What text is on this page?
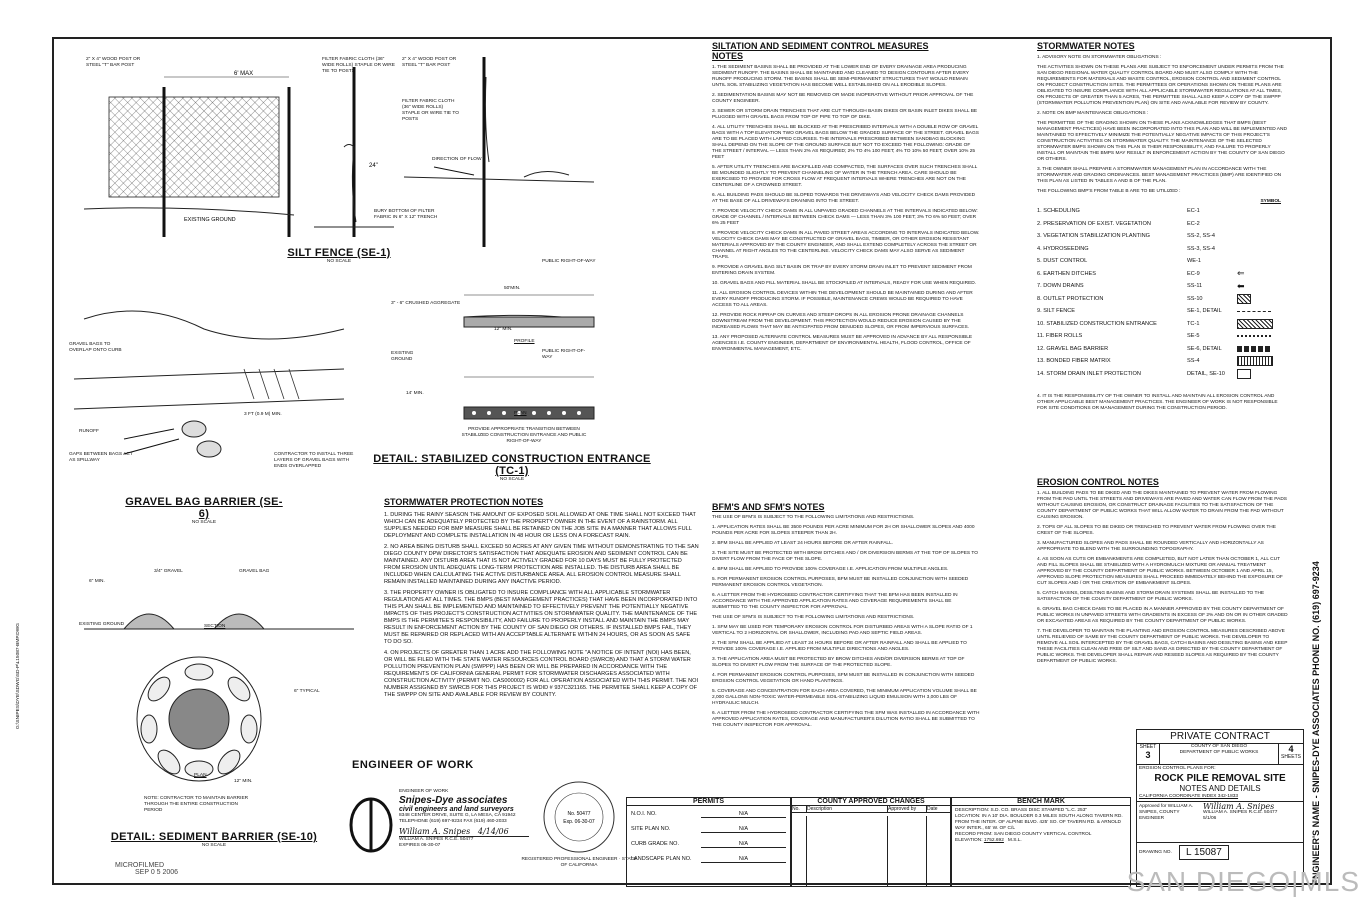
6' MAX
EXISTING GROUND
24"
2" X 4" WOOD POST OR STEEL "T" BAR POST
FILTER FABRIC CLOTH (36" WIDE ROLLS) STAPLE OR WIRE TIE TO POSTS
BURY BOTTOM OF FILTER FABRIC IN 6" X 12" TRENCH
2" X 4" WOOD POST OR STEEL "T" BAR POST
FILTER FABRIC CLOTH (36" WIDE ROLLS) STAPLE OR WIRE TIE TO POSTS
DIRECTION OF FLOW
SILT FENCE (SE-1)
NO SCALE
GRAVEL BAGS TO OVERLAP ONTO CURB
RUNOFF
3 FT (0.9 M) MIN.
GAPS BETWEEN BAGS ACT AS SPILLWAY
CONTRACTOR TO INSTALL THREE LAYERS OF GRAVEL BAGS WITH ENDS OVERLAPPED
GRAVEL BAG BARRIER (SE-6)
NO SCALE
PUBLIC RIGHT-OF-WAY
50'MIN.
3" - 6" CRUSHED AGGREGATE
12" MIN.
PROFILE
EXISTING GROUND
PUBLIC RIGHT-OF-WAY
14' MIN.
PLAN
PROVIDE APPROPRIATE TRANSITION BETWEEN STABILIZED CONSTRUCTION ENTRANCE AND PUBLIC RIGHT-OF-WAY
DETAIL: STABILIZED CONSTRUCTION ENTRANCE (TC-1)
NO SCALE
6" MIN.
3/4" GRAVEL	GRAVEL BAG
EXISTING GROUND	SECTION
PLAN
6" TYPICAL
12" MIN.
NOTE: CONTRACTOR TO MAINTAIN BARRIER THROUGH THE ENTIRE CONSTRUCTION PERIOD
DETAIL: SEDIMENT BARRIER (SE-10)
NO SCALE
G:\SNIPES\DYE\SDWG\SD-P\L15087-BMP.DWG
STORMWATER PROTECTION NOTES

1. DURING THE RAINY SEASON THE AMOUNT OF EXPOSED SOIL ALLOWED AT ONE TIME SHALL NOT EXCEED THAT WHICH CAN BE ADEQUATELY PROTECTED BY THE PROPERTY OWNER IN THE EVENT OF A RAINSTORM. ALL SUPPLIES NEEDED FOR BMP MEASURE SHALL BE RETAINED ON THE JOB SITE IN A MANNER THAT ALLOWS FULL DEPLOYMENT AND COMPLETE INSTALLATION IN 48 HOUR OR LESS ON A FORECAST RAIN.

2. NO AREA BEING DISTURB SHALL EXCEED 50 ACRES AT ANY GIVEN TIME WITHOUT DEMONSTRATING TO THE SAN DIEGO COUNTY DPW DIRECTOR'S SATISFACTION THAT ADEQUATE EROSION AND SEDIMENT CONTROL CAN BE MAINTAINED. ANY DISTURB AREA THAT IS NOT ACTIVELY GRADED FOR 10 DAYS MUST BE FULLY PROTECTED FROM EROSION UNTIL ADEQUATE LONG-TERM PROTECTION ARE INSTALLED. THE DISTURB AREA SHALL BE INCLUDED WHEN CALCULATING THE ACTIVE DISTURBANCE AREA. ALL EROSION CONTROL MEASURE SHALL REMAIN INSTALLED MAINTAINED DURING ANY INACTIVE PERIOD.

3. THE PROPERTY OWNER IS OBLIGATED TO INSURE COMPLIANCE WITH ALL APPLICABLE STORMWATER REGULATIONS AT ALL TIMES. THE BMPS (BEST MANAGEMENT PRACTICES) THAT HAVE BEEN INCORPORATED INTO THIS PLAN SHALL BE IMPLEMENTED AND MAINTAINED TO EFFECTIVELY PREVENT THE POTENTIALLY NEGATIVE IMPACTS OF THIS PROJECT'S CONSTRUCTION ACTIVITIES ON STORMWATER QUALITY. THE MAINTENANCE OF THE BMPS IS THE PERMITEE'S RESPONSIBILITY, AND FAILURE TO PROPERLY INSTALL AND MAINTAIN THE BMPS MAY RESULT IN ENFORCEMENT ACTION BY THE COUNTY OF SAN DIEGO OR OTHERS. IF INSTALLED BMPS FAIL, THEY MUST BE REPAIRED OR REPLACED WITH AN ACCEPTABLE ALTERNATE WITHIN 24 HOURS, OR AS SOON AS SAFE TO DO SO.

4. ON PROJECTS OF GREATER THAN 1 ACRE ADD THE FOLLOWING NOTE "A NOTICE OF INTENT (NOI) HAS BEEN, OR WILL BE FILED WITH THE STATE WATER RESOURCES CONTROL BOARD (SWRCB) AND THAT A STORM WATER POLLUTION PREVENTION PLAN (SWPPP) HAS BEEN OR WILL BE PREPARED IN ACCORDANCE WITH THE REQUIREMENTS OF CALIFORNIA GENERAL PERMIT FOR STORMWATER DISCHARGES ASSOCIATED WITH CONSTRUCTION ACTIVITY (PERMIT NO. CAS000002) FOR ALL OPERATION ASSOCIATED WITH THIS PERMIT. THE NOI NUMBER ASSIGNED BY SWRCB FOR THIS PROJECT IS WDID # 937C321165. THE PERMITEE SHALL KEEP A COPY OF THE SWPPP ON SITE AND AVAILABLE FOR REVIEW BY COUNTY.

SILTATION AND SEDIMENT CONTROL MEASURES NOTES

1. THE SEDIMENT BASINS SHALL BE PROVIDED AT THE LOWER END OF EVERY DRAINAGE AREA PRODUCING SEDIMENT RUNOFF. THE BASINS SHALL BE MAINTAINED AND CLEANED TO DESIGN CONTOURS AFTER EVERY RUNOFF PRODUCING STORM. THE BASINS SHALL BE SEMI-PERMANENT STRUCTURES THAT WOULD REMAIN UNTIL SOIL STABILIZING VEGETATION HAS BECOME WELL ESTABLISHED ON ALL ERODIBLE SLOPES.

2. SEDIMENTATION BASINS MAY NOT BE REMOVED OR MADE INOPERATIVE WITHOUT PRIOR APPROVAL OF THE COUNTY ENGINEER.

3. SEWER OR STORM DRAIN TRENCHES THAT ARE CUT THROUGH BASIN DIKES OR BASIN INLET DIKES SHALL BE PLUGGED WITH GRAVEL BAGS FROM TOP OF PIPE TO TOP OF DIKE.

4. ALL UTILITY TRENCHES SHALL BE BLOCKED AT THE PRESCRIBED INTERVALS WITH A DOUBLE ROW OF GRAVEL BAGS WITH A TOP ELEVATION TWO GRAVEL BAGS BELOW THE GRADED SURFACE OF THE STREET. GRAVEL BAGS ARE TO BE PLACED WITH LAPPED COURSES. THE INTERVALS PRESCRIBED BETWEEN SANDBAG BLOCKING SHALL DEPEND ON THE SLOPE OF THE GROUND SURFACE BUT NOT TO EXCEED THE FOLLOWING: GRADE OF THE STREET / INTERVAL — LESS THAN 2% AS REQUIRED; 2% TO 4% 100 FEET; 4% TO 10% 50 FEET; OVER 10% 25 FEET

5. AFTER UTILITY TRENCHES ARE BACKFILLED AND COMPACTED, THE SURFACES OVER SUCH TRENCHES SHALL BE MOUNDED SLIGHTLY TO PREVENT CHANNELING OF WATER IN THE TRENCH AREA. CARE SHOULD BE EXERCISED TO PROVIDE FOR CROSS FLOW AT FREQUENT INTERVALS WHERE TRENCHES ARE NOT ON THE CENTERLINE OF A CROWNED STREET.

6. ALL BUILDING PADS SHOULD BE SLOPED TOWARDS THE DRIVEWAYS AND VELOCITY CHECK DAMS PROVIDED AT THE BASE OF ALL DRIVEWAYS DRAINING INTO THE STREET.

7. PROVIDE VELOCITY CHECK DAMS IN ALL UNPAVED GRADED CHANNELS AT THE INTERVALS INDICATED BELOW: GRADE OF CHANNEL / INTERVALS BETWEEN CHECK DAMS — LESS THAN 3% 100 FEET; 3% TO 6% 50 FEET; OVER 6% 25 FEET

8. PROVIDE VELOCITY CHECK DAMS IN ALL PAVED STREET AREAS ACCORDING TO INTERVALS INDICATED BELOW. VELOCITY CHECK DAMS MAY BE CONSTRUCTED OF GRAVEL BAGS, TIMBER, OR OTHER EROSION RESISTANT MATERIALS APPROVED BY THE COUNTY ENGINEER, AND SHALL EXTEND COMPLETELY ACROSS THE STREET OR CHANNEL AT RIGHT ANGLES TO THE CENTERLINE. VELOCITY CHECK DAMS MAY ALSO SERVE AS SEDIMENT TRAPS.

9. PROVIDE A GRAVEL BAG SILT BASIN OR TRAP BY EVERY STORM DRAIN INLET TO PREVENT SEDIMENT FROM ENTERING DRAIN SYSTEM.

10. GRAVEL BAGS AND FILL MATERIAL SHALL BE STOCKPILED AT INTERVALS, READY FOR USE WHEN REQUIRED.

11. ALL EROSION CONTROL DEVICES WITHIN THE DEVELOPMENT SHOULD BE MAINTAINED DURING AND AFTER EVERY RUNOFF PRODUCING STORM. IF POSSIBLE, MAINTENANCE CREWS WOULD BE REQUIRED TO HAVE ACCESS TO ALL AREAS.

12. PROVIDE ROCK RIPRAP ON CURVES AND STEEP DROPS IN ALL EROSION PRONE DRAINAGE CHANNELS DOWNSTREAM FROM THE DEVELOPMENT. THIS PROTECTION WOULD REDUCE EROSION CAUSED BY THE INCREASED FLOWS THAT MAY BE ANTICIPATED FROM DENUDED SLOPES, OR FROM IMPERVIOUS SURFACES.

13. ANY PROPOSED ALTERNATE CONTROL MEASURES MUST BE APPROVED IN ADVANCE BY ALL RESPONSIBLE AGENCIES I.E. COUNTY ENGINEER, DEPARTMENT OF ENVIRONMENTAL HEALTH, FLOOD CONTROL, OFFICE OF ENVIRONMENTAL MANAGEMENT, ETC.

BFM'S AND SFM'S NOTES

THE USE OF BFM'S IS SUBJECT TO THE FOLLOWING LIMITATIONS AND RESTRICTIONS.

1. APPLICATION RATES SHALL BE 3500 POUNDS PER ACRE MINIMUM FOR 2H OR SHALLOWER SLOPES AND 4000 POUNDS PER ACRE FOR SLOPES STEEPER THAN 2H.

2. BFM SHALL BE APPLIED AT LEAST 24 HOURS BEFORE OR AFTER RAINFALL.

3. THE SITE MUST BE PROTECTED WITH BROW DITCHES AND / OR DIVERSION BERMS AT THE TOP OF SLOPES TO DIVERT FLOW FROM THE FACE OF THE SLOPE.

4. BFM SHALL BE APPLIED TO PROVIDE 100% COVERAGE I.E. APPLICATION FROM MULTIPLE ANGLES.

5. FOR PERMANENT EROSION CONTROL PURPOSES, BFM MUST BE INSTALLED CONJUNCTION WITH SEEDED PERMANENT EROSION CONTROL VEGETATION.

6. A LETTER FROM THE HYDROSEED CONTRACTOR CERTIFYING THAT THE BFM HAS BEEN INSTALLED IN ACCORDANCE WITH THE APPROVED APPLICATION RATES AND COVERAGE REQUIREMENTS SHALL BE SUBMITTED TO THE COUNTY INSPECTOR FOR APPROVAL.

THE USE OF SFM'S IS SUBJECT TO THE FOLLOWING LIMITATIONS AND RESTRICTIONS.

1. SFM MAY BE USED FOR TEMPORARY EROSION CONTROL FOR DISTURBED AREAS WITH A SLOPE RATIO OF 1 VERTICAL TO 2 HORIZONTAL OR SHALLOWER, INCLUDING PAD AND SEPTIC FIELD AREAS.

2. THE SFM SHALL BE APPLIED AT LEAST 24 HOURS BEFORE OR AFTER RAINFALL AND SHALL BE APPLIED TO PROVIDE 100% COVERAGE I.E. APPLIED FROM MULTIPLE DIRECTIONS AND ANGLES.

3. THE APPLICATION AREA MUST BE PROTECTED BY BROW DITCHES AND/OR DIVERSION BERMS AT TOP OF SLOPES TO DIVERT FLOW FROM THE SURFACE OF THE PROTECTED SLOPE.

4. FOR PERMANENT EROSION CONTROL PURPOSES, SFM MUST BE INSTALLED IN CONJUNCTION WITH SEEDED EROSION CONTROL VEGETATION OR HAND PLANTINGS.

5. COVERAGE AND CONCENTRATION FOR EACH AREA COVERED, THE MINIMUM APPLICATION VOLUME SHALL BE 2,000 GALLONS NON-TOXIC WATER-PERMEABLE SOIL-STABILIZING LIQUID EMULSION WITH 3,000 LBS OF HYDRAULIC MULCH.

6. A LETTER FROM THE HYDROSEED CONTRACTOR CERTIFYING THE SFM WAS INSTALLED IN ACCORDANCE WITH APPROVED APPLICATION RATES, COVERAGE AND MANUFACTURER'S DILUTION RATIO SHALL BE SUBMITTED TO THE COUNTY INSPECTOR FOR APPROVAL.

STORMWATER NOTES

1. ADVISORY NOTE ON STORMWATER OBLIGATIONS :

THE ACTIVITIES SHOWN ON THESE PLANS ARE SUBJECT TO ENFORCEMENT UNDER PERMITS FROM THE SAN DIEGO REGIONAL WATER QUALITY CONTROL BOARD AND MUST ALSO COMPLY WITH THE REQUIREMENTS FOR MATERIALS AND WASTE CONTROL, EROSION CONTROL AND SEDIMENT CONTROL ON PROJECT CONSTRUCTION SITES. THE PERMITTEES OR OPERATIONS SHOWN ON THESE PLANS ARE OBLIGATED TO INSURE COMPLIANCE WITH ALL APPLICABLE STORMWATER REGULATIONS AT ALL TIMES, ON PROJECTS OF GREATER THAN 5 ACRES, THE PERMITTEE SHALL ALSO KEEP A COPY OF THE SWPPP (STORMWATER POLLUTION PREVENTION PLAN) ON SITE AND AVAILABLE FOR REVIEW BY COUNTY.

2. NOTE ON BMP MAINTENANCE OBLIGATIONS :

THE PERMITTEE OF THE GRADING SHOWN ON THESE PLANS ACKNOWLEDGES THAT BMPS (BEST MANAGEMENT PRACTICES) HAVE BEEN INCORPORATED INTO THIS PLAN AND WILL BE IMPLEMENTED AND MAINTAINED TO EFFECTIVELY MINIMIZE THE POTENTIALLY NEGATIVE IMPACTS OF THIS PROJECT'S CONSTRUCTION ACTIVITIES ON STORMWATER QUALITY. THE MAINTENANCE OF THE SELECTED STORMWATER BMPS SHOWN ON THIS PLAN IS THEIR RESPONSIBILITY, AND FAILURE TO PROPERLY INSTALL OR MAINTAIN THE BMPS MAY RESULT IN ENFORCEMENT ACTION BY THE COUNTY OF SAN DIEGO OR OTHERS.

3. THE OWNER SHALL PREPARE A STORMWATER MANAGEMENT PLAN IN ACCORDANCE WITH THE STORMWATER AND GRADING ORDINANCES. BEST MANAGEMENT PRACTICES (BMP) ARE IDENTIFIED ON THIS PLAN AS LISTED IN TABLES A AND B OF THE PLAN.

THE FOLLOWING BMP'S FROM TABLE B ARE TO BE UTILIZED :

SYMBOL
1. SCHEDULING	EC-1
2. PRESERVATION OF EXIST. VEGETATION	EC-2
3. VEGETATION STABILIZATION PLANTING	SS-2, SS-4
4. HYDROSEEDING	SS-3, SS-4
5. DUST CONTROL	WE-1
6. EARTHEN DITCHES	EC-9	⇐
7. DOWN DRAINS	SS-11	⬅
8. OUTLET PROTECTION	SS-10
9. SILT FENCE	SE-1, DETAIL
10. STABILIZED CONSTRUCTION ENTRANCE	TC-1
11. FIBER ROLLS	SE-5
12. GRAVEL BAG BARRIER	SE-6, DETAIL
13. BONDED FIBER MATRIX	SS-4
14. STORM DRAIN INLET PROTECTION	DETAIL, SE-10
4. IT IS THE RESPONSIBILITY OF THE OWNER TO INSTALL AND MAINTAIN ALL EROSION CONTROL AND OTHER APPLICABLE BEST MANAGEMENT PRACTICES. THE ENGINEER OF WORK IS NOT RESPONSIBLE FOR SITE CONDITIONS OR MANAGEMENT DURING THE CONSTRUCTION PERIOD.
EROSION CONTROL NOTES

1. ALL BUILDING PADS TO BE DIKED AND THE DIKES MAINTAINED TO PREVENT WATER FROM FLOWING FROM THE PAD UNTIL THE STREETS AND DRIVEWAYS ARE PAVED AND WATER CAN FLOW FROM THE PADS WITHOUT CAUSING EROSION, OR CONSTRUCT DRAINAGE FACILITIES TO THE SATISFACTION OF THE COUNTY DEPARTMENT OF PUBLIC WORKS THAT WILL ALLOW WATER TO DRAIN FROM THE PAD WITHOUT CAUSING EROSION.

2. TOPS OF ALL SLOPES TO BE DIKED OR TRENCHED TO PREVENT WATER FROM FLOWING OVER THE CREST OF THE SLOPES.

3. MANUFACTURED SLOPES AND PADS SHALL BE ROUNDED VERTICALLY AND HORIZONTALLY AS APPROPRIATE TO BLEND WITH THE SURROUNDING TOPOGRAPHY.

4. AS SOON AS CUTS OR EMBANKMENTS ARE COMPLETED, BUT NOT LATER THAN OCTOBER 1, ALL CUT AND FILL SLOPES SHALL BE STABILIZED WITH A HYDROMULCH MIXTURE OR ANNUAL TREATMENT APPROVED BY THE COUNTY DEPARTMENT OF PUBLIC WORKS. BETWEEN OCTOBER 1 AND APRIL 15, APPROVED SLOPE PROTECTION MEASURES SHALL PROCEED IMMEDIATELY BEHIND THE EXPOSURE OF CUT SLOPES AND / OR THE CREATION OF EMBANKMENT SLOPES.

5. CATCH BASINS, DESILTING BASINS AND STORM DRAIN SYSTEMS SHALL BE INSTALLED TO THE SATISFACTION OF THE COUNTY DEPARTMENT OF PUBLIC WORKS.

6. GRAVEL BAG CHECK DAMS TO BE PLACED IN A MANNER APPROVED BY THE COUNTY DEPARTMENT OF PUBLIC WORKS IN UNPAVED STREETS WITH GRADIENTS IN EXCESS OF 2% AND ON OR IN OTHER GRADED OR EXCAVATED AREAS AS REQUIRED BY THE COUNTY DEPARTMENT OF PUBLIC WORKS.

7. THE DEVELOPER TO MAINTAIN THE PLANTING AND EROSION CONTROL MEASURES DESCRIBED ABOVE UNTIL RELIEVED OF SAME BY THE COUNTY DEPARTMENT OF PUBLIC WORKS. THE DEVELOPER TO REMOVE ALL SOIL INTERCEPTED BY THE GRAVEL BAGS, CATCH BASINS AND DESILTING BASINS AND KEEP THESE FACILITIES CLEAN AND FREE OF SILT AND SAND AS DIRECTED BY THE COUNTY DEPARTMENT OF PUBLIC WORKS. THE DEVELOPER SHALL REPAIR AND RESEED SLOPES AS REQUIRED BY THE COUNTY DEPARTMENT OF PUBLIC WORKS.

ENGINEER OF WORK
ENGINEER OF WORK
Snipes-Dye associates
civil engineers and land surveyors
8348 CENTER DRIVE, SUITE G, LA MESA, CA 91942
TELEPHONE (619) 697-9234 FAX (619) 460-2033
William A. Snipes 4/14/06
WILLIAM A. SNIPES R.C.E. 50477
EXPIRES 06-30-07
No. 50477
Exp. 06-30-07
REGISTERED PROFESSIONAL ENGINEER · STATE OF CALIFORNIA
PERMITS
N.O.I. NO.	N/A
SITE PLAN NO.	N/A
CURB GRADE NO.	N/A
LANDSCAPE PLAN NO.	N/A
COUNTY APPROVED CHANGES
No.	Description	Approved by	Date
BENCH MARK
DESCRIPTION: S.D. CO. BRASS DISC STAMPED "L.C. 253"
LOCATION: IN A 10' DIA. BOULDER 0.3 MILES SOUTH ALONG TAVERN RD. FROM THE INTER. OF ALPINE BLVD. 425' SO. OF TAVERN RD. & ARNOLD WAY INTER., 65' W. OF C/L
RECORD FROM: SAN DIEGO COUNTY VERTICAL CONTROL
ELEVATION: 1752.692 M.S.L.
PRIVATE CONTRACT
SHEET
3
COUNTY OF SAN DIEGO
DEPARTMENT OF PUBLIC WORKS	4
SHEETS
EROSION CONTROL PLANS FOR:
ROCK PILE REMOVAL SITE
NOTES AND DETAILS
CALIFORNIA COORDINATE INDEX 342-1833
Approved for WILLIAM A. SNIPES, COUNTY ENGINEER
William A. Snipes
WILLIAM A. SNIPES R.C.E. 50477
5/1/06
DRAWING NO.	L 15087	ENGINEER'S NAME - SNIPES-DYE ASSOCIATES PHONE NO. (619) 697-9234
MICROFILMED
SEP 0 5 2006	SAN DIEGO|MLS
